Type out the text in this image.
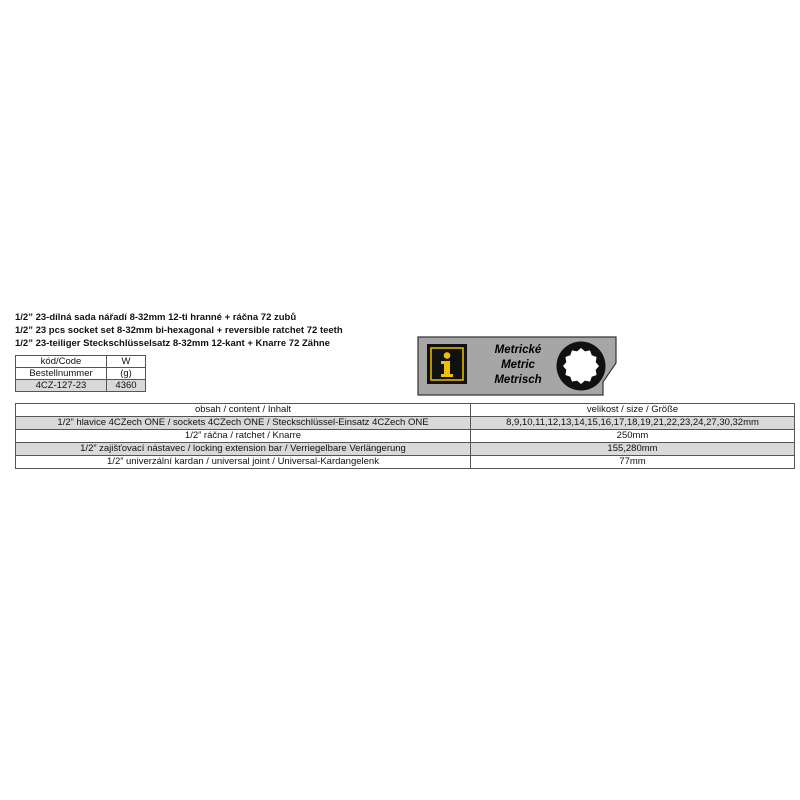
1/2” 23-dílná sada nářadí 8-32mm 12-ti hranné + ráčna 72 zubů
1/2” 23 pcs socket set 8-32mm bi-hexagonal + reversible ratchet 72 teeth
1/2” 23-teiliger Steckschlüsselsatz 8-32mm 12-kant + Knarre 72 Zähne
kód/Code	W
Bestellnummer	(g)
4CZ-127-23	4360
Metrické
Metric
Metrisch
obsah / content / Inhalt	velikost / size / Größe
1/2” hlavice 4CZech ONE / sockets 4CZech ONE / Steckschlüssel-Einsatz 4CZech ONE	8,9,10,11,12,13,14,15,16,17,18,19,21,22,23,24,27,30,32mm
1/2” ráčna / ratchet / Knarre	250mm
1/2” zajišťovací nástavec / locking extension bar / Verriegelbare Verlängerung	155,280mm
1/2” univerzální kardan / universal joint / Universal-Kardangelenk	77mm
